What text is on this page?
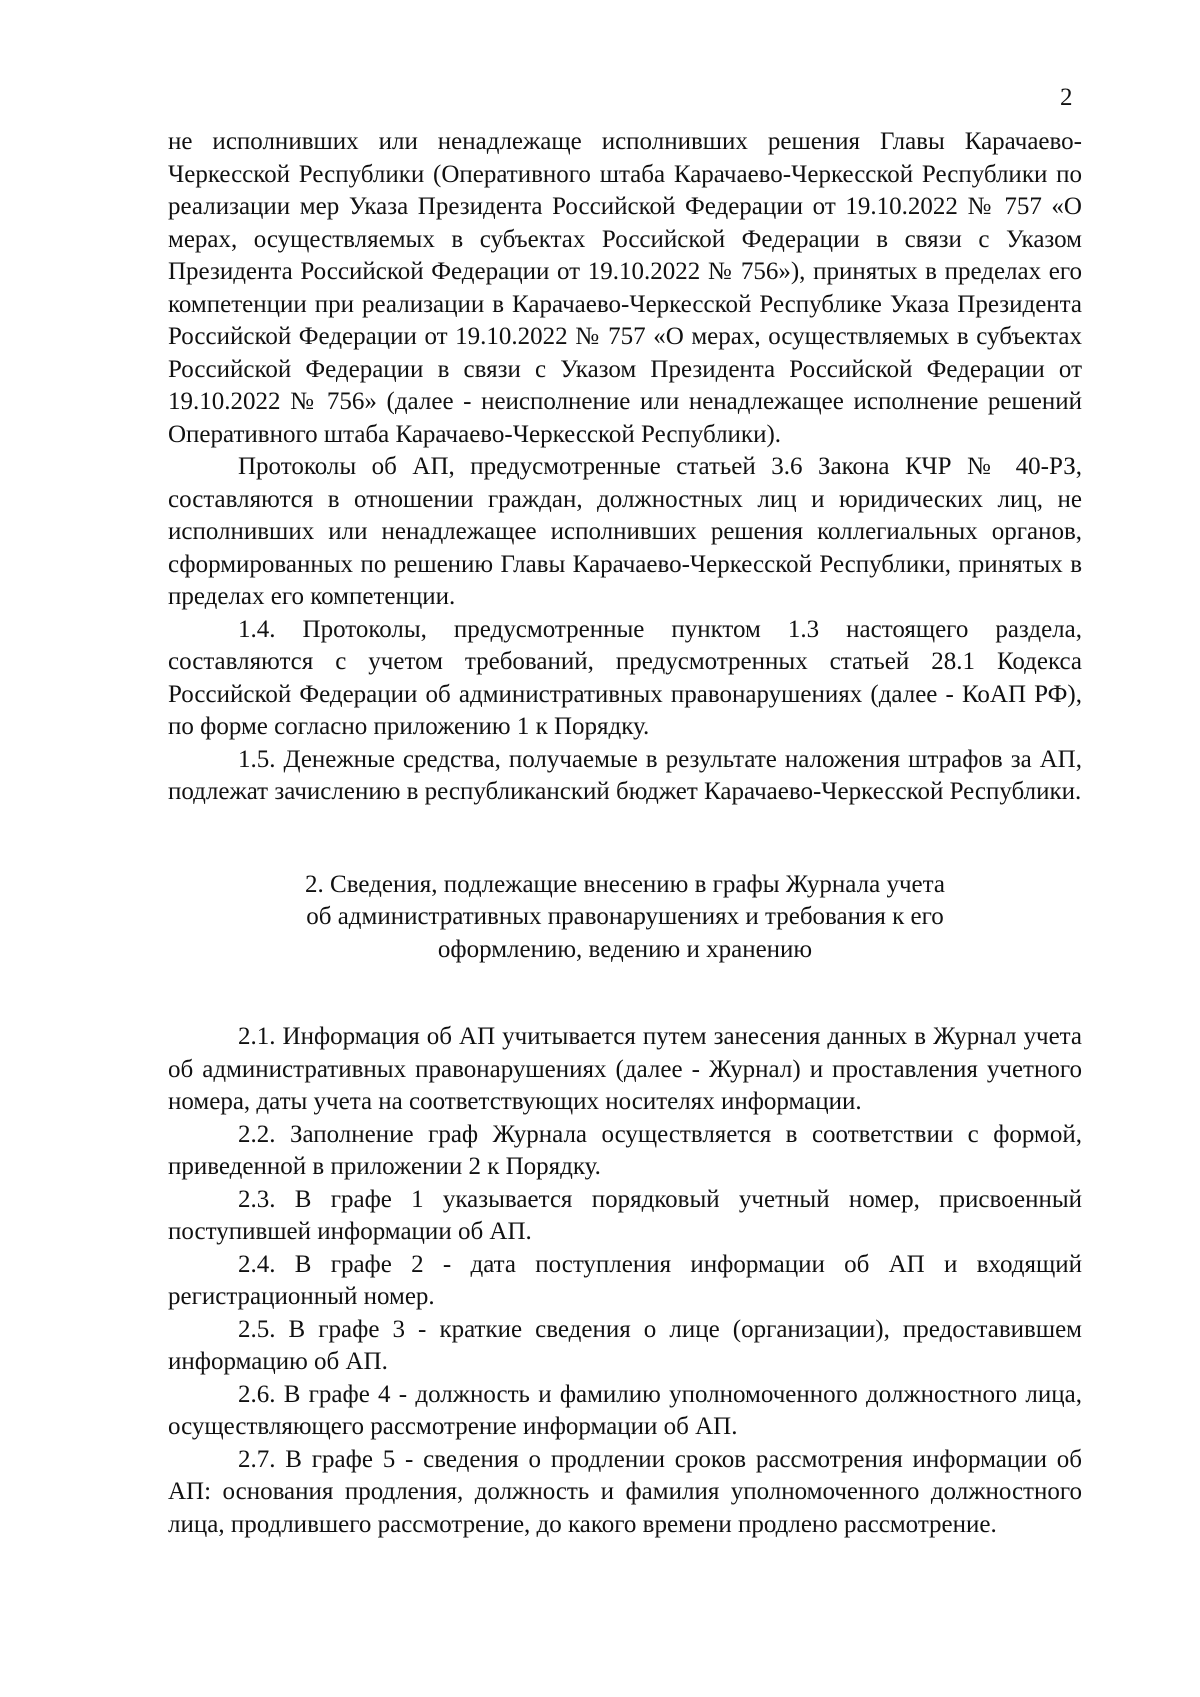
2

не исполнивших или ненадлежаще исполнивших решения Главы Карачаево-Черкесской Республики (Оперативного штаба Карачаево-Черкесской Республики по реализации мер Указа Президента Российской Федерации от 19.10.2022 № 757 «О мерах, осуществляемых в субъектах Российской Федерации в связи с Указом Президента Российской Федерации от 19.10.2022 № 756»), принятых в пределах его компетенции при реализации в Карачаево-Черкесской Республике Указа Президента Российской Федерации от 19.10.2022 № 757 «О мерах, осуществляемых в субъектах Российской Федерации в связи с Указом Президента Российской Федерации от 19.10.2022 № 756» (далее - неисполнение или ненадлежащее исполнение решений Оперативного штаба Карачаево-Черкесской Республики).

Протоколы об АП, предусмотренные статьей 3.6 Закона КЧР № 40-РЗ, составляются в отношении граждан, должностных лиц и юридических лиц, не исполнивших или ненадлежащее исполнивших решения коллегиальных органов, сформированных по решению Главы Карачаево-Черкесской Республики, принятых в пределах его компетенции.

1.4. Протоколы, предусмотренные пунктом 1.3 настоящего раздела, составляются с учетом требований, предусмотренных статьей 28.1 Кодекса Российской Федерации об административных правонарушениях (далее - КоАП РФ), по форме согласно приложению 1 к Порядку.

1.5. Денежные средства, получаемые в результате наложения штрафов за АП, подлежат зачислению в республиканский бюджет Карачаево-Черкесской Республики.

2. Сведения, подлежащие внесению в графы Журнала учета
об административных правонарушениях и требования к его
оформлению, ведению и хранению

2.1. Информация об АП учитывается путем занесения данных в Журнал учета об административных правонарушениях (далее - Журнал) и проставления учетного номера, даты учета на соответствующих носителях информации.

2.2. Заполнение граф Журнала осуществляется в соответствии с формой, приведенной в приложении 2 к Порядку.

2.3. В графе 1 указывается порядковый учетный номер, присвоенный поступившей информации об АП.

2.4. В графе 2 - дата поступления информации об АП и входящий регистрационный номер.

2.5. В графе 3 - краткие сведения о лице (организации), предоставившем информацию об АП.

2.6. В графе 4 - должность и фамилию уполномоченного должностного лица, осуществляющего рассмотрение информации об АП.

2.7. В графе 5 - сведения о продлении сроков рассмотрения информации об АП: основания продления, должность и фамилия уполномоченного должностного лица, продлившего рассмотрение, до какого времени продлено рассмотрение.
